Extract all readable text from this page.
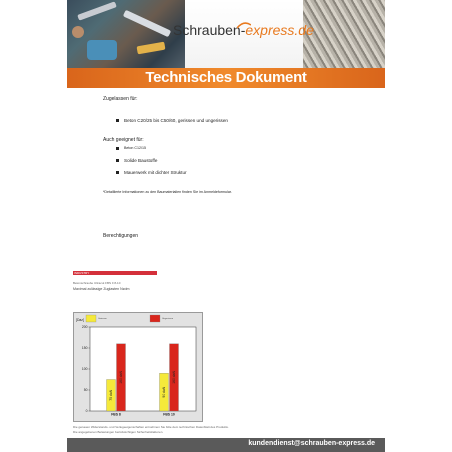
Schrauben-express.de
Technisches Dokument
Zugelassen für:
Beton C20/25 bis C50/60, gerissen und ungerissen
Auch geeignet für:
Beton C12/15
Solide Baustoffe
Mauerwerk mit dichter Struktur
*Detaillierte Informationen zu den Baumaterialien finden Sie im Anmeldeformular.
Berechtigungen
INDUSTRY
Betonschraube Ultracut FBS II 8-10
Maximal zulässige Zuglasten Nzdm
[Daz]
0
50
100
150
200
Gerissen	Ungerissen
75 daN
160 daN
FBS 8
90 daN
160 daN
FBS 10
Die genauen Widerstands- und Verlegeeigenschaften entnehmen Sie bitte dem technischen Datenblatt des Produkts.
Die angegebenen Belastungen berücksichtigen Sicherheitsfaktoren.
kundendienst@schrauben-express.de
